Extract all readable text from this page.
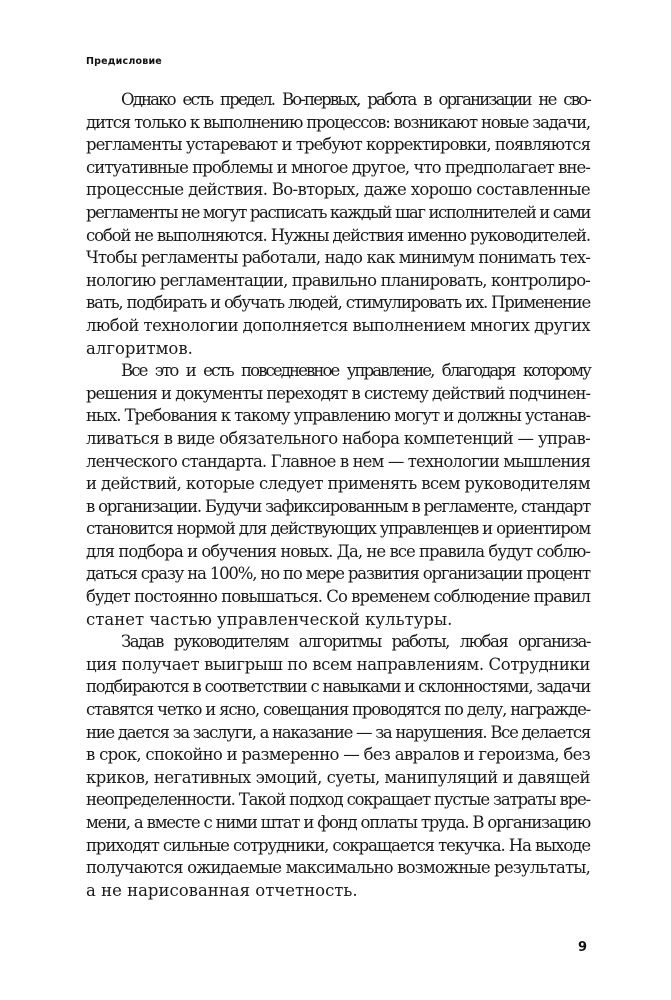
Предисловие
Однако есть предел. Во-первых, работа в организации не сво-
дится только к выполнению процессов: возникают новые задачи,
регламенты устаревают и требуют корректировки, появляются
ситуативные проблемы и многое другое, что предполагает вне-
процессные действия. Во-вторых, даже хорошо составленные
регламенты не могут расписать каждый шаг исполнителей и сами
собой не выполняются. Нужны действия именно руководителей.
Чтобы регламенты работали, надо как минимум понимать тех-
нологию регламентации, правильно планировать, контролиро-
вать, подбирать и обучать людей, стимулировать их. Применение
любой технологии дополняется выполнением многих других
алгоритмов.
Все это и есть повседневное управление, благодаря которому
решения и документы переходят в систему действий подчинен-
ных. Требования к такому управлению могут и должны устанав-
ливаться в виде обязательного набора компетенций — управ-
ленческого стандарта. Главное в нем — технологии мышления
и действий, которые следует применять всем руководителям
в организации. Будучи зафиксированным в регламенте, стандарт
становится нормой для действующих управленцев и ориентиром
для подбора и обучения новых. Да, не все правила будут соблю-
даться сразу на 100%, но по мере развития организации процент
будет постоянно повышаться. Со временем соблюдение правил
станет частью управленческой культуры.
Задав руководителям алгоритмы работы, любая организа-
ция получает выигрыш по всем направлениям. Сотрудники
подбираются в соответствии с навыками и склонностями, задачи
ставятся четко и ясно, совещания проводятся по делу, награжде-
ние дается за заслуги, а наказание — за нарушения. Все делается
в срок, спокойно и размеренно — без авралов и героизма, без
криков, негативных эмоций, суеты, манипуляций и давящей
неопределенности. Такой подход сокращает пустые затраты вре-
мени, а вместе с ними штат и фонд оплаты труда. В организацию
приходят сильные сотрудники, сокращается текучка. На выходе
получаются ожидаемые максимально возможные результаты,
а не нарисованная отчетность.
9
